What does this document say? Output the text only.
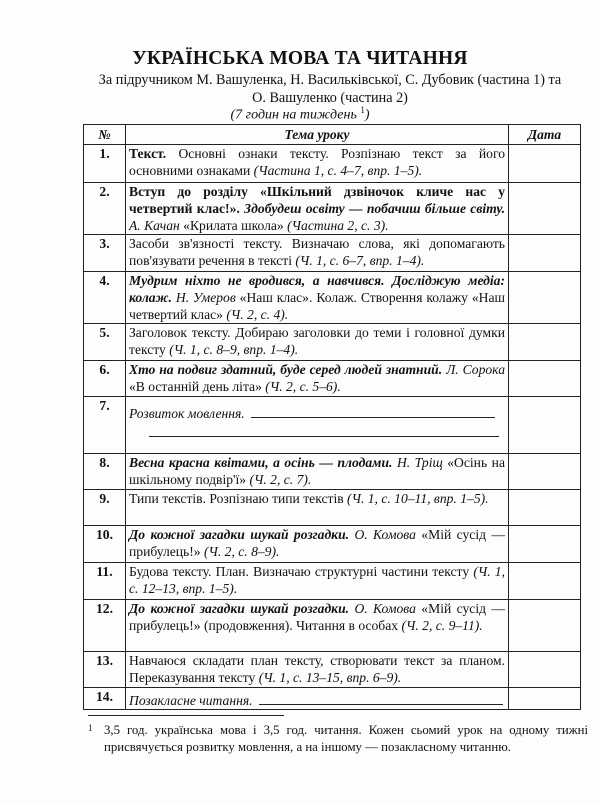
УКРАЇНСЬКА МОВА ТА ЧИТАННЯ
За підручником М. Вашуленка, Н. Васильківської, С. Дубовик (частина 1) та
О. Вашуленко (частина 2)
(7 годин на тиждень $^1$)
№	Тема уроку	Дата
1.	Текст. Основні ознаки тексту. Розпізнаю текст за його основними ознаками (Частина 1, с. 4–7, впр. 1–5).	
2.	Вступ до розділу «Шкільний дзвіночок кличе нас у четвертий клас!». Здобудеш освіту — побачиш більше світу. А. Качан «Крилата школа» (Частина 2, с. 3).	
3.	Засоби зв'язності тексту. Визначаю слова, які допомагають пов'язувати речення в тексті (Ч. 1, с. 6–7, впр. 1–4).	
4.	Мудрим ніхто не вродився, а навчився. Досліджую медіа: колаж. Н. Умеров «Наш клас». Колаж. Створення колажу «Наш четвертий клас» (Ч. 2, с. 4).	
5.	Заголовок тексту. Добираю заголовки до теми і головної думки тексту (Ч. 1, с. 8–9, впр. 1–4).	
6.	Хто на подвиг здатний, буде серед людей знатний. Л. Сорока «В останній день літа» (Ч. 2, с. 5–6).	
7.	Розвиток мовлення.

8.	Весна красна квітами, а осінь — плодами. Н. Тріщ «Осінь на шкільному подвір'ї» (Ч. 2, с. 7).	
9.	Типи текстів. Розпізнаю типи текстів (Ч. 1, с. 10–11, впр. 1–5).	
10.	До кожної загадки шукай розгадки. О. Комова «Мій сусід — прибулець!» (Ч. 2, с. 8–9).	
11.	Будова тексту. План. Визначаю структурні частини тексту (Ч. 1, с. 12–13, впр. 1–5).	
12.	До кожної загадки шукай розгадки. О. Комова «Мій сусід — прибулець!» (продовження). Читання в особах (Ч. 2, с. 9–11).	
13.	Навчаюся складати план тексту, створювати текст за планом. Переказування тексту (Ч. 1, с. 13–15, впр. 6–9).	
14.	Позакласне читання.	
1 3,5 год. українська мова і 3,5 год. читання. Кожен сьомий урок на одному тижні присвячується розвитку мовлення, а на іншому — позакласному читанню.
